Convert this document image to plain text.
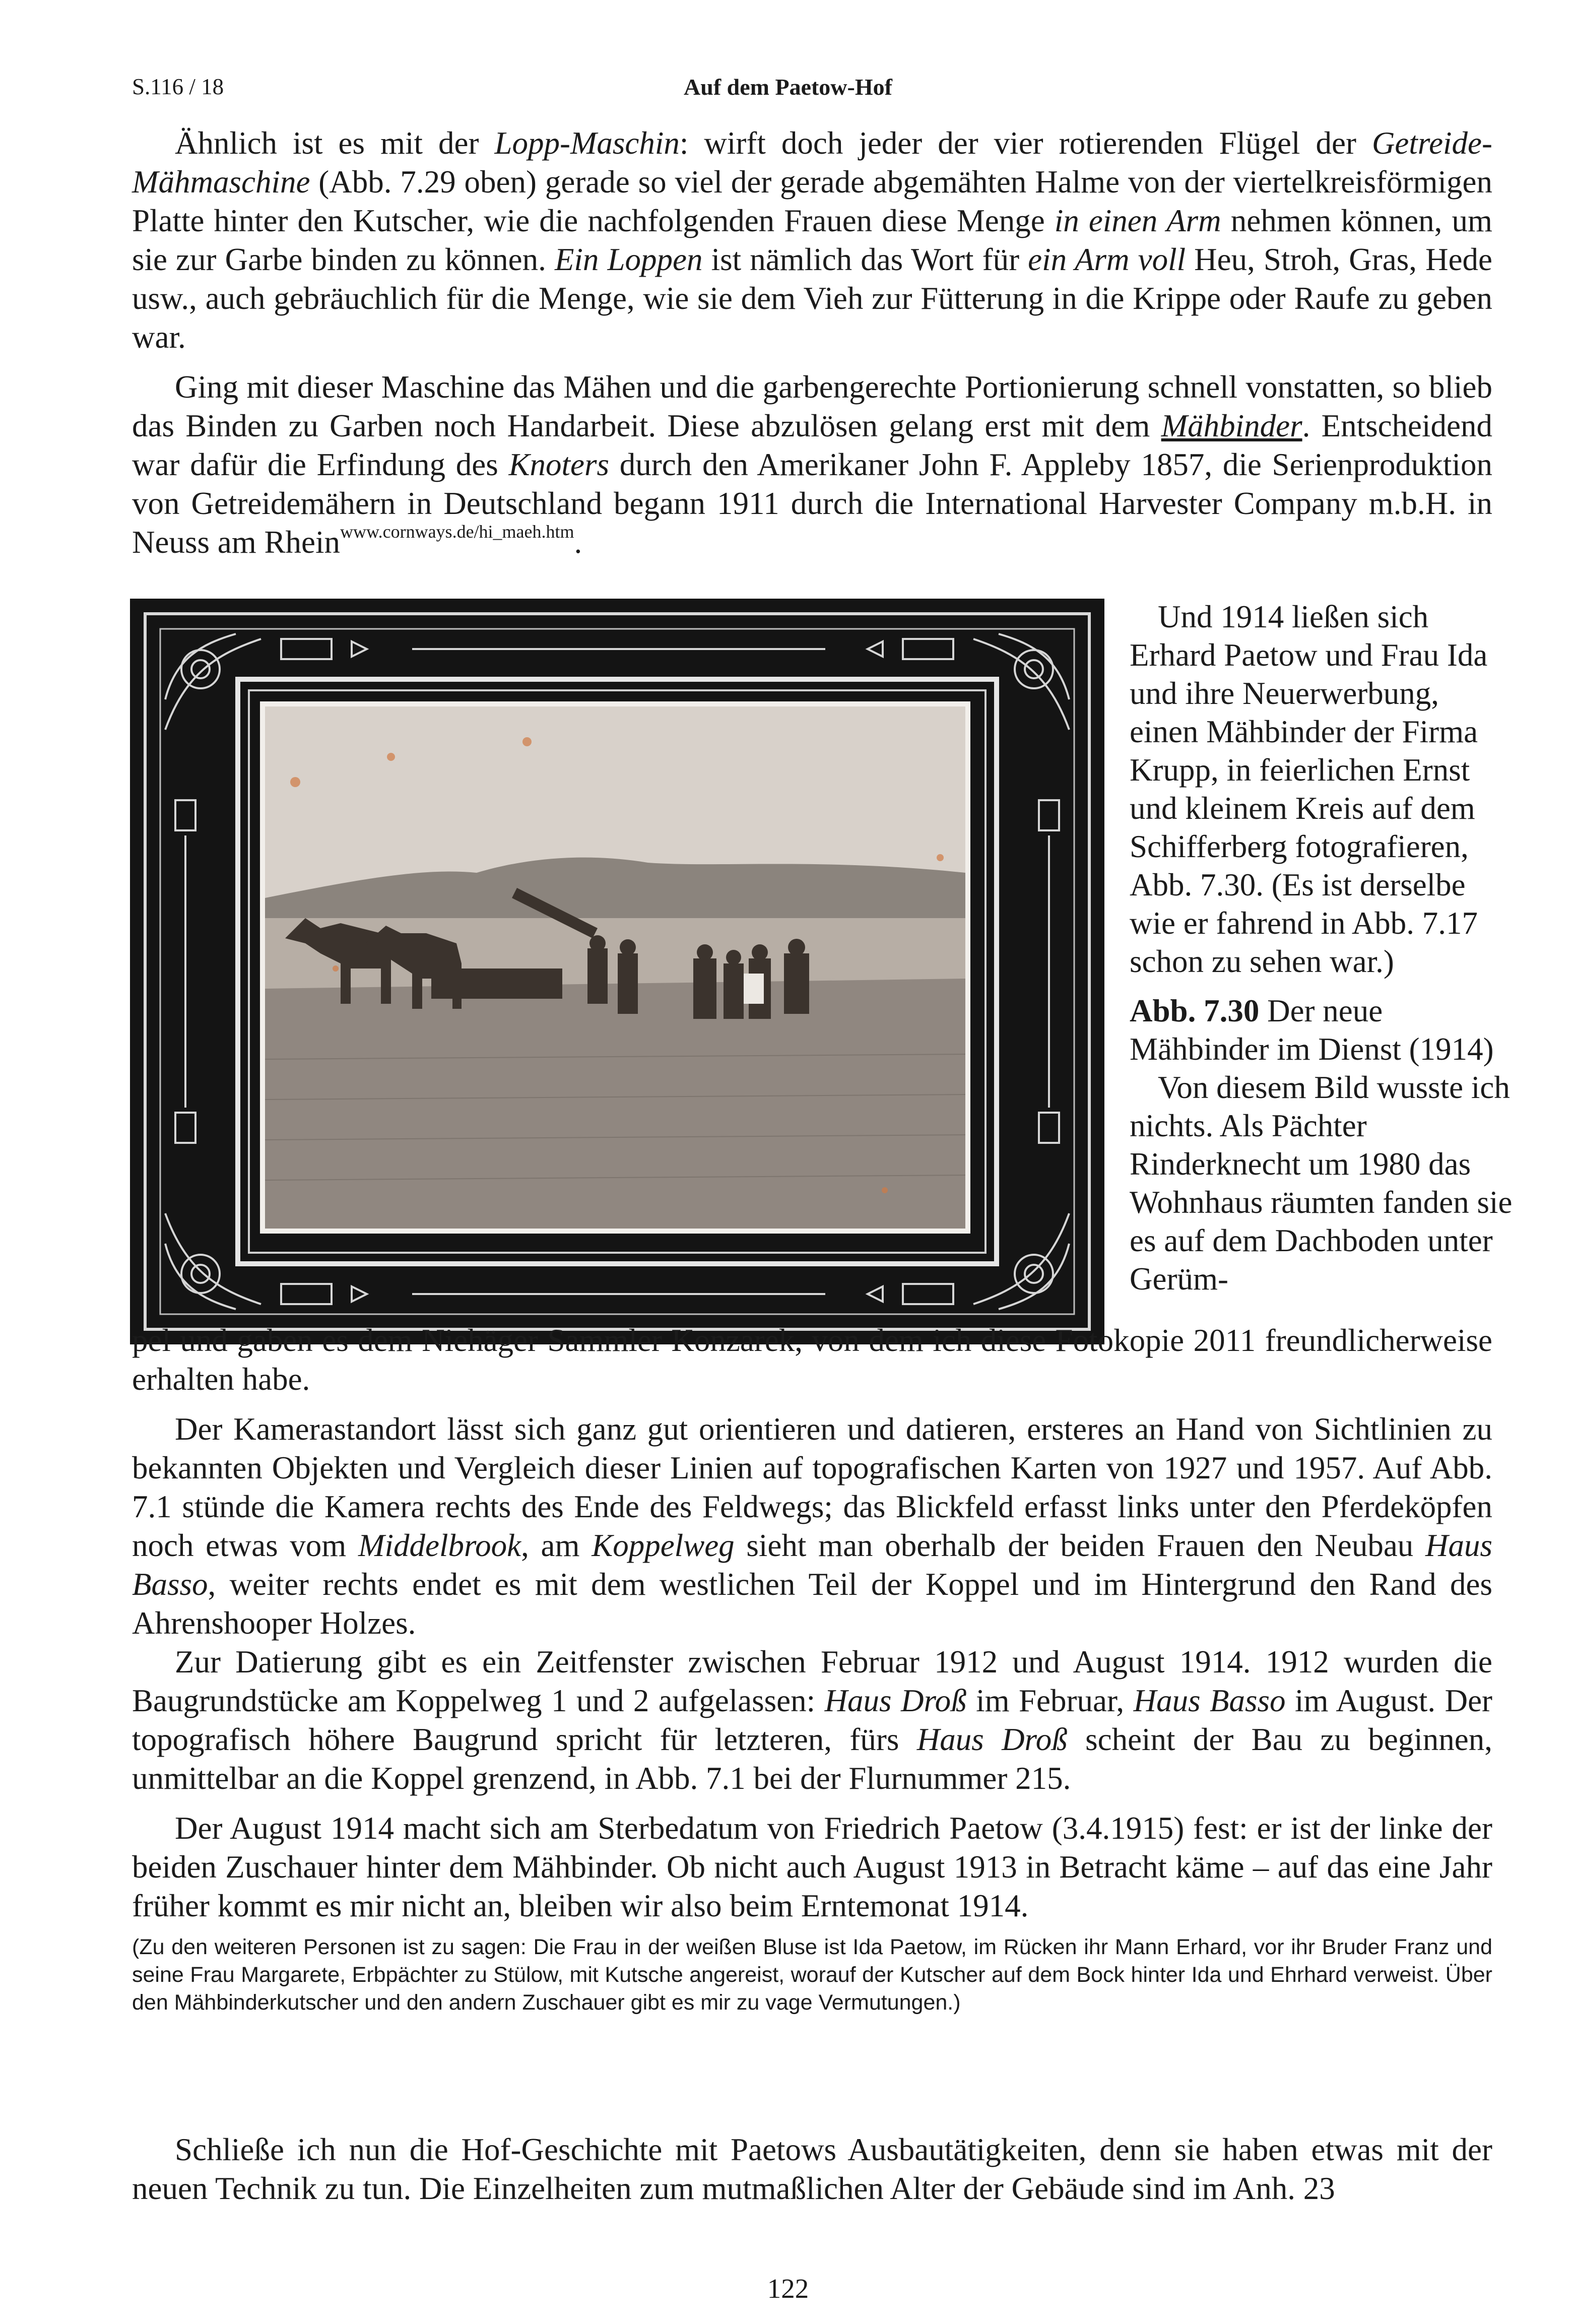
S.116 / 18	Auf dem Paetow-Hof

Ähnlich ist es mit der Lopp-Maschin: wirft doch jeder der vier rotierenden Flügel der Getreide-Mähmaschine (Abb. 7.29 oben) gerade so viel der gerade abgemähten Halme von der viertelkreisförmigen Platte hinter den Kutscher, wie die nachfolgenden Frauen diese Menge in einen Arm nehmen können, um sie zur Garbe binden zu können. Ein Loppen ist nämlich das Wort für ein Arm voll Heu, Stroh, Gras, Hede usw., auch gebräuchlich für die Menge, wie sie dem Vieh zur Fütterung in die Krippe oder Raufe zu geben war.

Ging mit dieser Maschine das Mähen und die garbengerechte Portionierung schnell vonstatten, so blieb das Binden zu Garben noch Handarbeit. Diese abzulösen gelang erst mit dem Mähbinder. Entscheidend war dafür die Erfindung des Knoters durch den Amerikaner John F. Appleby 1857, die Serienproduktion von Getreidemähern in Deutschland begann 1911 durch die International Harvester Company m.b.H. in Neuss am Rhein$^{www.cornways.de/hi\_maeh.htm}$.

Und 1914 ließen sich Erhard Paetow und Frau Ida und ihre Neuerwerbung, einen Mähbinder der Firma Krupp, in feierlichen Ernst und kleinem Kreis auf dem Schifferberg fotografieren, Abb. 7.30. (Es ist derselbe wie er fahrend in Abb. 7.17 schon zu sehen war.)

Abb. 7.30 Der neue Mähbinder im Dienst (1914)

Von diesem Bild wusste ich nichts. Als Pächter Rinderknecht um 1980 das Wohnhaus räumten fanden sie es auf dem Dachboden unter Gerüm-

pel und gaben es dem Niehäger Sammler Konzarek, von dem ich diese Fotokopie 2011 freundlicherweise erhalten habe.

Der Kamerastandort lässt sich ganz gut orientieren und datieren, ersteres an Hand von Sichtlinien zu bekannten Objekten und Vergleich dieser Linien auf topografischen Karten von 1927 und 1957. Auf Abb. 7.1 stünde die Kamera rechts des Ende des Feldwegs; das Blickfeld erfasst links unter den Pferdeköpfen noch etwas vom Middelbrook, am Koppelweg sieht man oberhalb der beiden Frauen den Neubau Haus Basso, weiter rechts endet es mit dem westlichen Teil der Koppel und im Hintergrund den Rand des Ahrenshooper Holzes.

Zur Datierung gibt es ein Zeitfenster zwischen Februar 1912 und August 1914. 1912 wurden die Baugrundstücke am Koppelweg 1 und 2 aufgelassen: Haus Droß im Februar, Haus Basso im August. Der topografisch höhere Baugrund spricht für letzteren, fürs Haus Droß scheint der Bau zu beginnen, unmittelbar an die Koppel grenzend, in Abb. 7.1 bei der Flurnummer 215.

Der August 1914 macht sich am Sterbedatum von Friedrich Paetow (3.4.1915) fest: er ist der linke der beiden Zuschauer hinter dem Mähbinder. Ob nicht auch August 1913 in Betracht käme – auf das eine Jahr früher kommt es mir nicht an, bleiben wir also beim Erntemonat 1914.

(Zu den weiteren Personen ist zu sagen: Die Frau in der weißen Bluse ist Ida Paetow, im Rücken ihr Mann Erhard, vor ihr Bruder Franz und seine Frau Margarete, Erbpächter zu Stülow, mit Kutsche angereist, worauf der Kutscher auf dem Bock hinter Ida und Ehrhard verweist. Über den Mähbinderkutscher und den andern Zuschauer gibt es mir zu vage Vermutungen.)

Schließe ich nun die Hof-Geschichte mit Paetows Ausbautätigkeiten, denn sie haben etwas mit der neuen Technik zu tun. Die Einzelheiten zum mutmaßlichen Alter der Gebäude sind im Anh. 23

122
